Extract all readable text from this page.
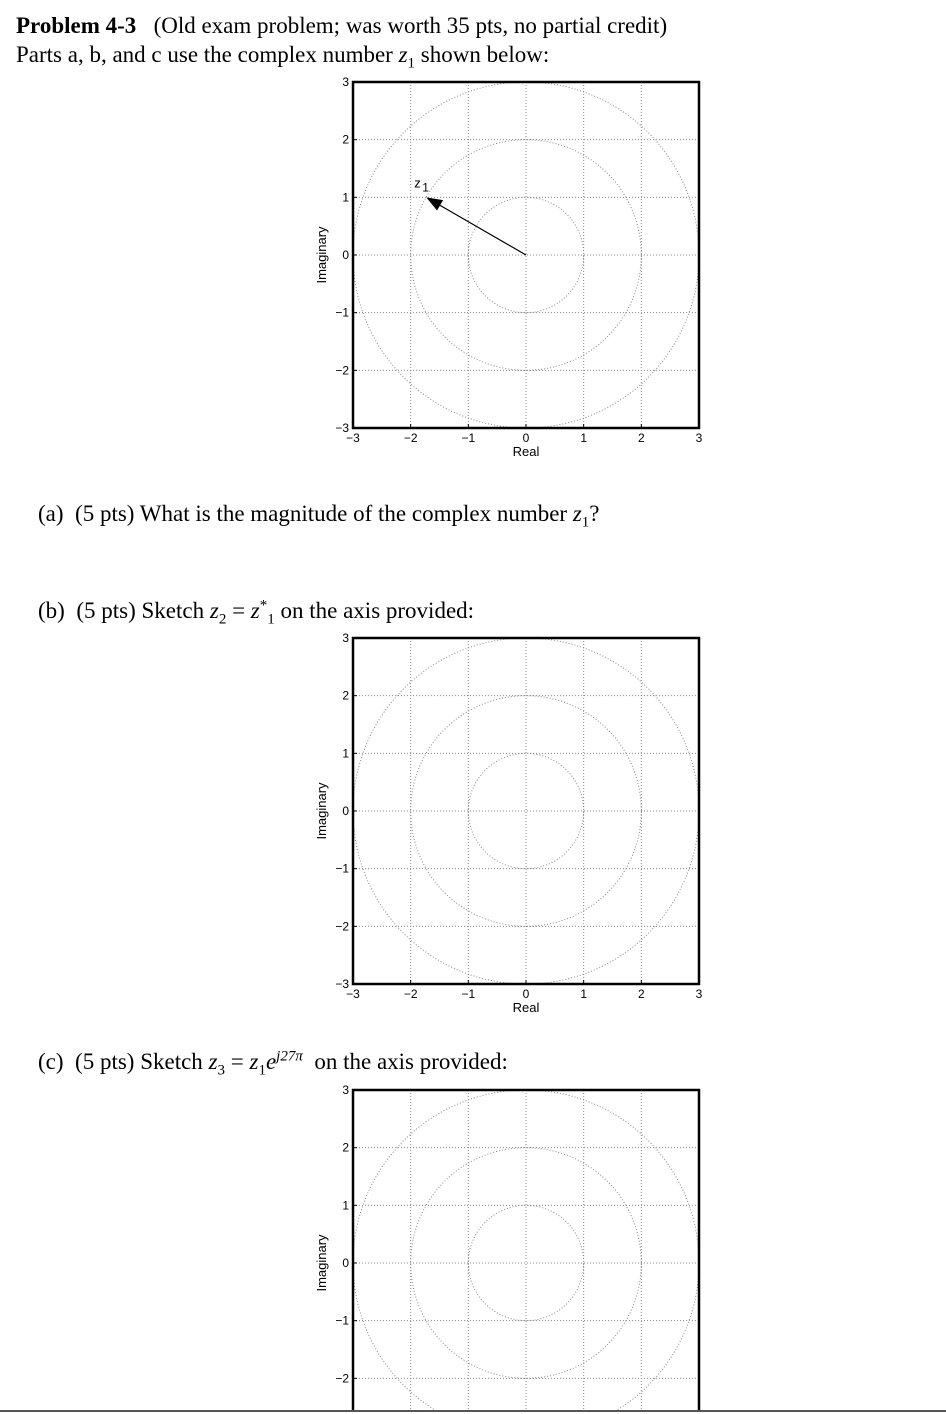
Problem 4-3 (Old exam problem; was worth 35 pts, no partial credit)
Parts a, b, and c use the complex number $z_1$ shown below:
−3	−2	−1	0	1	2	3
3
2
1
0
−1
−2
−3
Real
Imaginary
z 1
(a) (5 pts) What is the magnitude of the complex number $z_1$?
(b) (5 pts) Sketch $z_2 = z^*_1$ on the axis provided:
−3	−2	−1	0	1	2	3
3
2
1
0
−1
−2
−3
Real
Imaginary
(c) (5 pts) Sketch $z_3 = z_1e^{j27\pi}$ on the axis provided:
3
2
1
0
−1
−2
Imaginary
